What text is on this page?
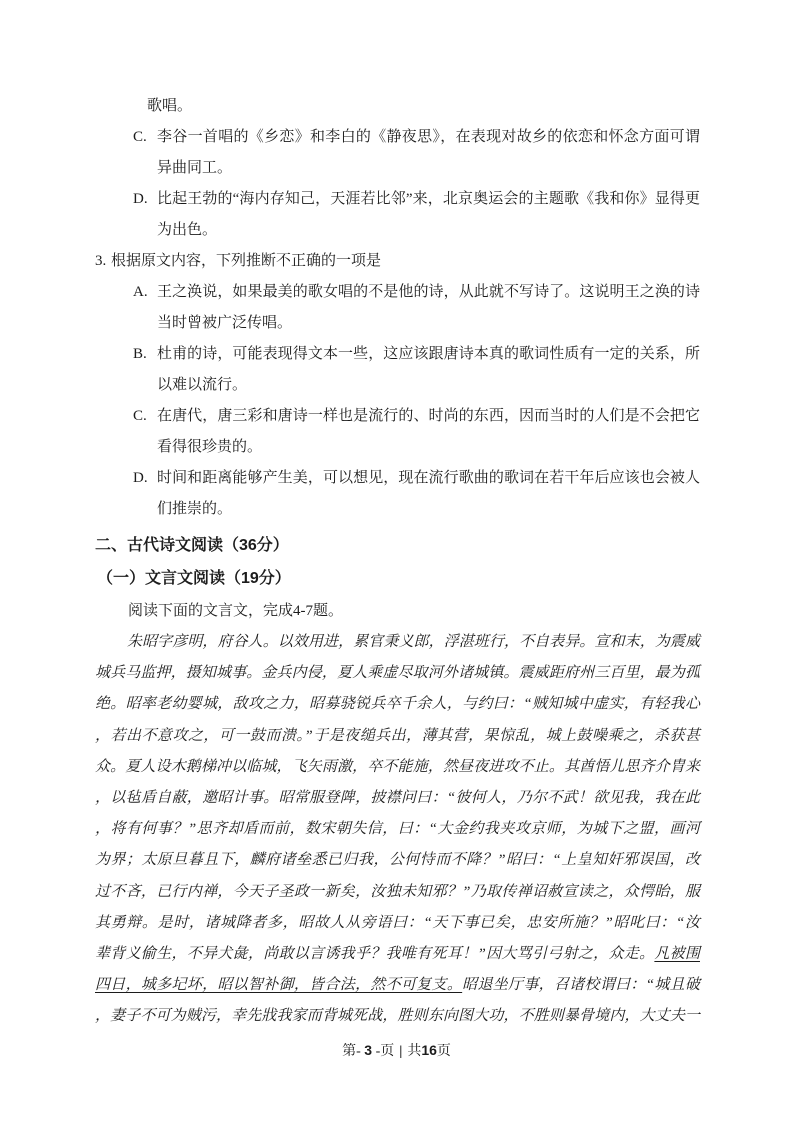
歌唱。
C. 李谷一首唱的《乡恋》和李白的《静夜思》，在表现对故乡的依恋和怀念方面可谓异曲同工。
D. 比起王勃的“海内存知己，天涯若比邻”来，北京奥运会的主题歌《我和你》显得更为出色。
3. 根据原文内容，下列推断不正确的一项是
A. 王之涣说，如果最美的歌女唱的不是他的诗，从此就不写诗了。这说明王之涣的诗当时曾被广泛传唱。
B. 杜甫的诗，可能表现得文本一些，这应该跟唐诗本真的歌词性质有一定的关系，所以难以流行。
C. 在唐代，唐三彩和唐诗一样也是流行的、时尚的东西，因而当时的人们是不会把它看得很珍贵的。
D. 时间和距离能够产生美，可以想见，现在流行歌曲的歌词在若干年后应该也会被人们推崇的。
二、古代诗文阅读（36分）
（一）文言文阅读（19分）
阅读下面的文言文，完成4-7题。
朱昭字彦明，府谷人。以效用进，累官秉义郎，浮湛班行，不自表异。宣和末，为震威
城兵马监押，摄知城事。金兵内侵，夏人乘虚尽取河外诸城镇。震威距府州三百里，最为孤
绝。昭率老幼婴城，敌攻之力，昭募骁锐兵卒千余人，与约曰：“贼知城中虚实，有轻我心
，若出不意攻之，可一鼓而溃。”于是夜缒兵出，薄其营，果惊乱，城上鼓噪乘之，杀获甚
众。夏人设木鹅梯冲以临城，飞矢雨激，卒不能施，然昼夜进攻不止。其酋悟儿思齐介胄来
，以毡盾自蔽，邀昭计事。昭常服登陴，披襟问曰：“彼何人，乃尔不武！欲见我，我在此
，将有何事？”思齐却盾而前，数宋朝失信，曰：“大金约我夹攻京师，为城下之盟，画河
为界；太原旦暮且下，麟府诸垒悉已归我，公何恃而不降？”昭曰：“上皇知奸邪误国，改
过不吝，已行内禅，今天子圣政一新矣，汝独未知邪？”乃取传禅诏赦宣读之，众愕眙，服
其勇辩。是时，诸城降者多，昭故人从旁语曰：“天下事已矣，忠安所施？”昭叱曰：“汝
辈背义偷生，不异犬彘，尚敢以言诱我乎？我唯有死耳！”因大骂引弓射之，众走。凡被围
四日，城多圮坏，昭以智补御，皆合法，然不可复支。昭退坐厅事，召诸校谓曰：“城且破
，妻子不可为贼污，幸先戕我家而背城死战，胜则东向图大功，不胜则暴骨境内，大丈夫一
第- 3 -页 | 共16页
